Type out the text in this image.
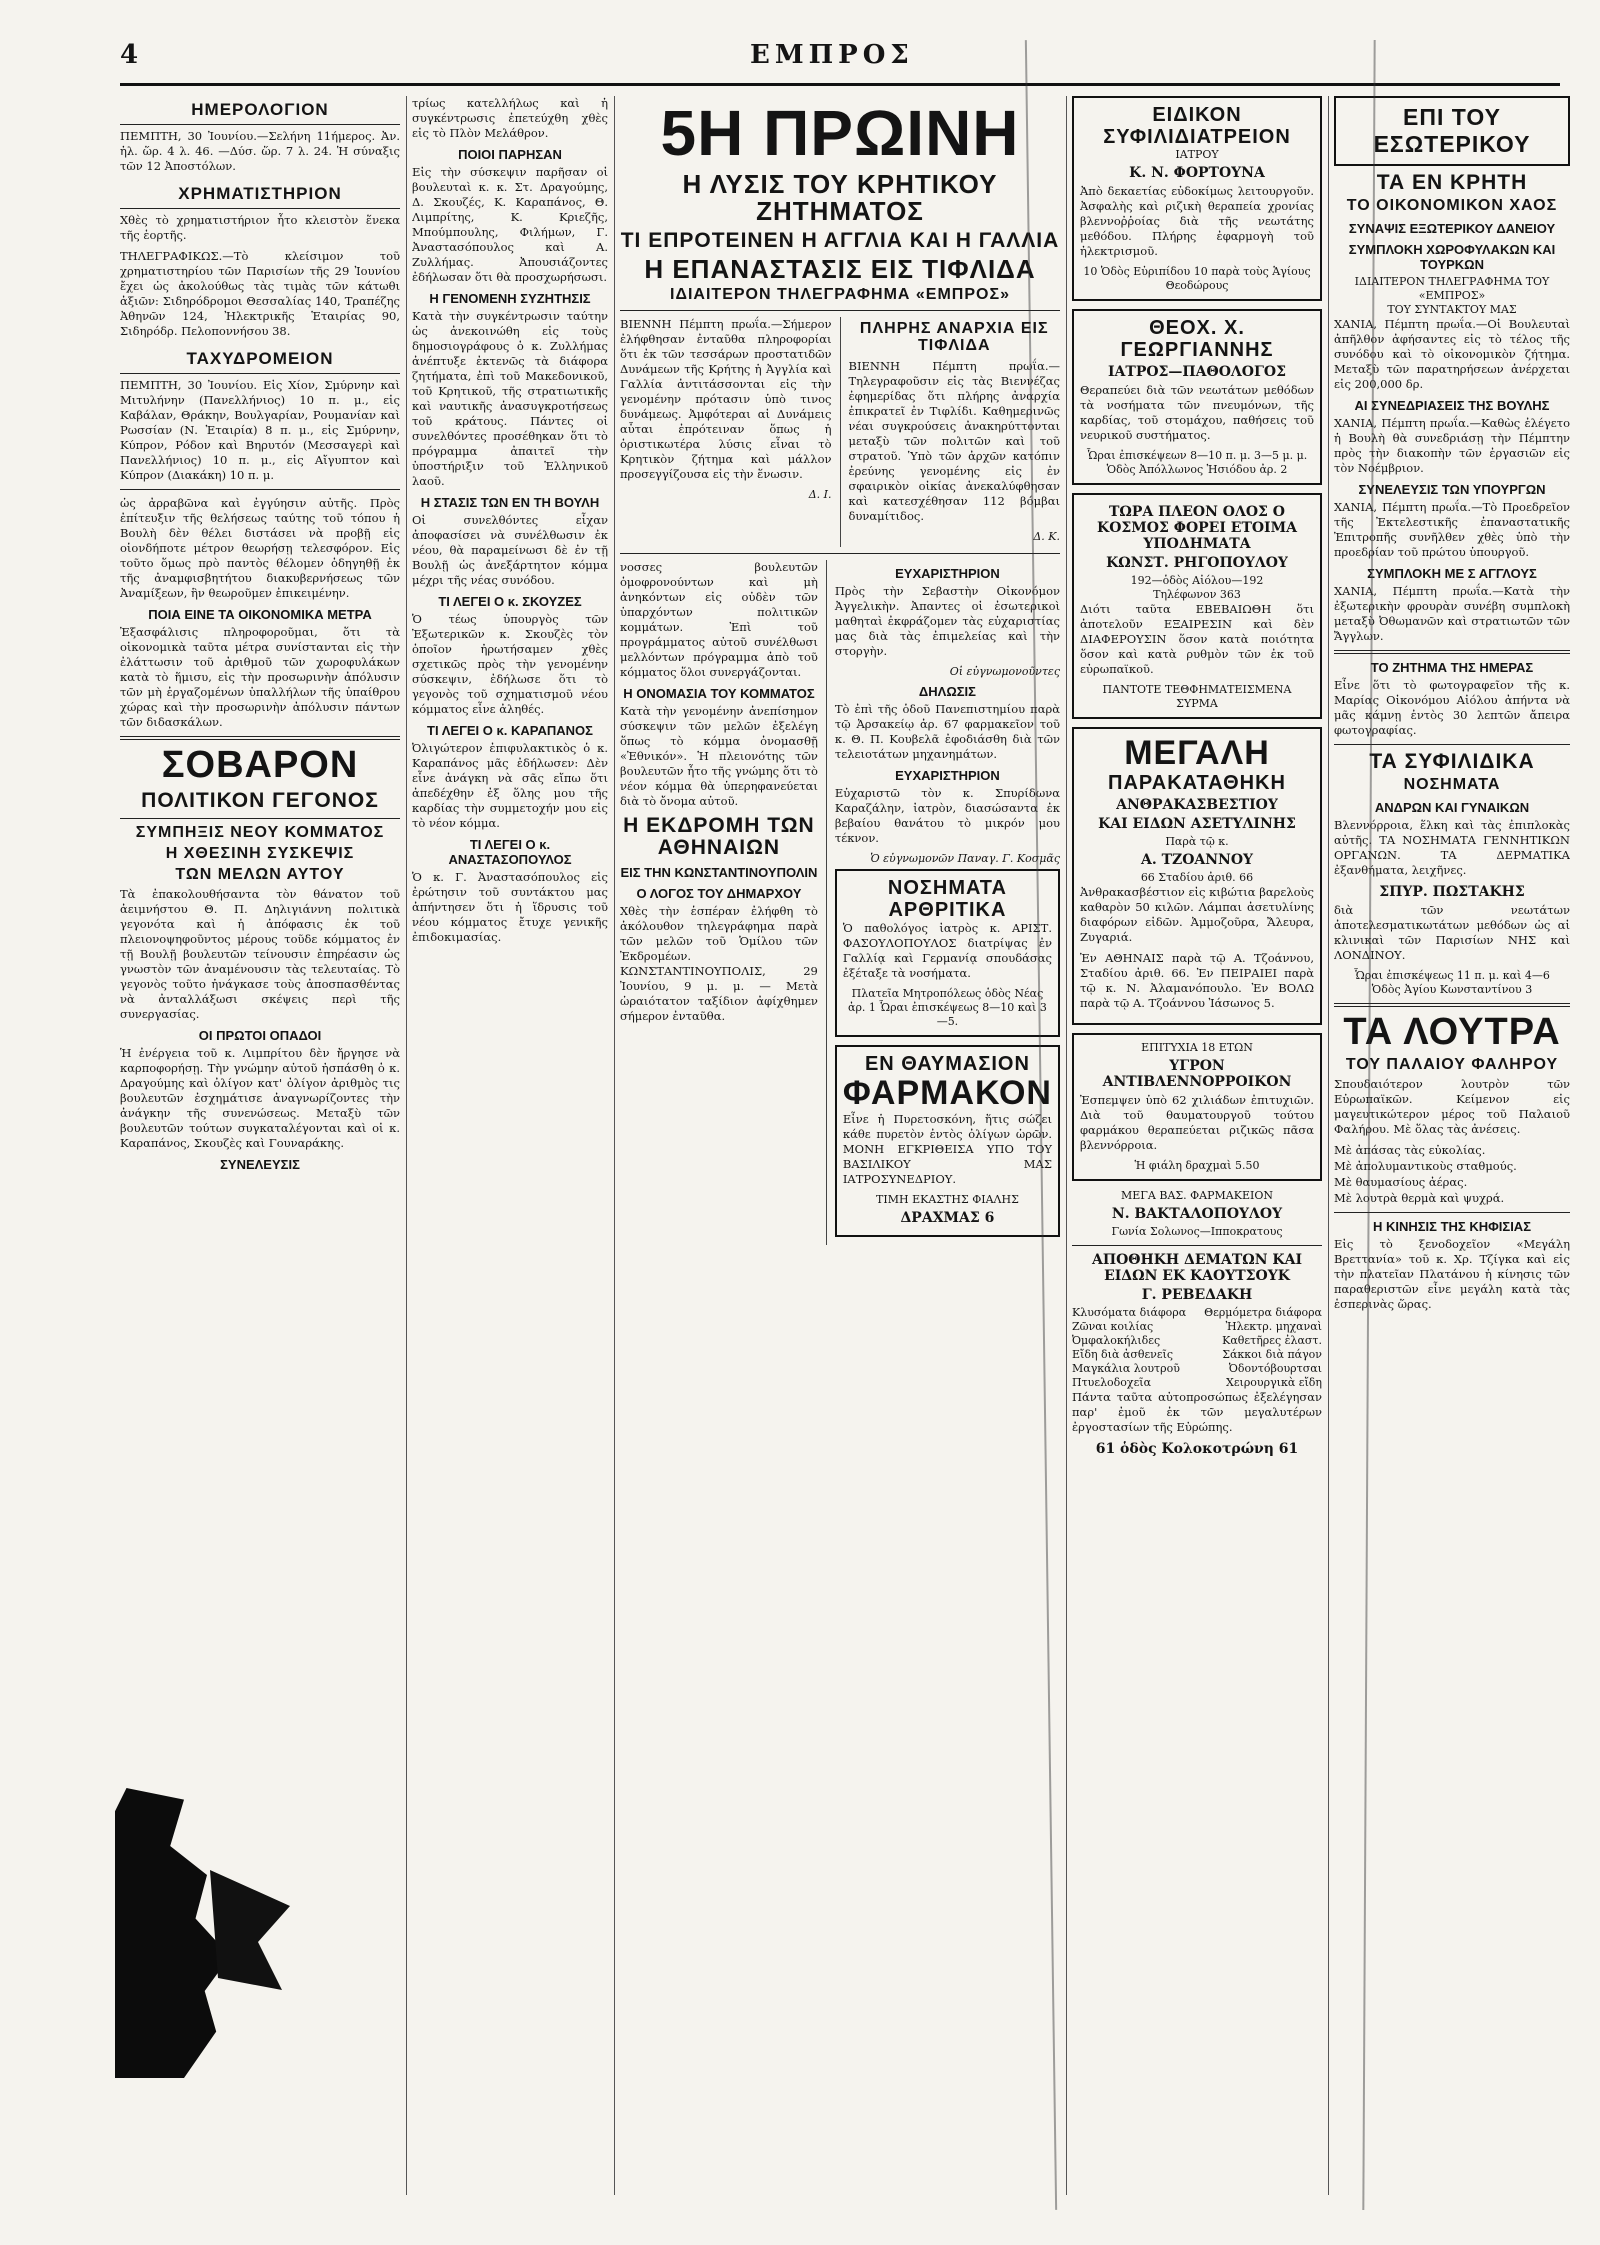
4	ΕΜΠΡΟΣ
ΗΜΕΡΟΛΟΓΙΟΝ

ΠΕΜΠΤΗ, 30 Ἰουνίου.—Σελήνη 11ήμερος. Ἀν. ἡλ. ὥρ. 4 λ. 46. —Δύσ. ὥρ. 7 λ. 24. Ἡ σύναξις τῶν 12 Ἀποστόλων.

ΧΡΗΜΑΤΙΣΤΗΡΙΟΝ

Χθὲς τὸ χρηματιστήριον ἦτο κλειστὸν ἕνεκα τῆς ἑορτῆς.

ΤΗΛΕΓΡΑΦΙΚΩΣ.—Τὸ κλείσιμον τοῦ χρηματιστηρίου τῶν Παρισίων τῆς 29 Ἰουνίου ἔχει ὡς ἀκολούθως τὰς τιμὰς τῶν κάτωθι ἀξιῶν: Σιδηρόδρομοι Θεσσαλίας 140, Τραπέζης Ἀθηνῶν 124, Ἠλεκτρικῆς Ἑταιρίας 90, Σιδηρόδρ. Πελοποννήσου 38.

ΤΑΧΥΔΡΟΜΕΙΟΝ

ΠΕΜΠΤΗ, 30 Ἰουνίου. Εἰς Χίον, Σμύρνην καὶ Μιτυλήνην (Πανελλήνιος) 10 π. μ., εἰς Καβάλαν, Θράκην, Βουλγαρίαν, Ρουμανίαν καὶ Ρωσσίαν (Ν. Ἑταιρία) 8 π. μ., εἰς Σμύρνην, Κύπρον, Ρόδον καὶ Βηρυτόν (Μεσσαγερὶ καὶ Πανελλήνιος) 10 π. μ., εἰς Αἴγυπτον καὶ Κύπρον (Διακάκη) 10 π. μ.

ὡς ἀρραβῶνα καὶ ἐγγύησιν αὐτῆς. Πρὸς ἐπίτευξιν τῆς θελήσεως ταύτης τοῦ τόπου ἡ Βουλὴ δὲν θέλει διστάσει νὰ προβῇ εἰς οἱονδήποτε μέτρον θεωρήσῃ τελεσφόρον. Εἰς τοῦτο ὅμως πρὸ παντὸς θέλομεν ὁδηγηθῇ ἐκ τῆς ἀναμφισβητήτου διακυβερνήσεως τῶν Ἀναμίξεων, ἣν θεωροῦμεν ἐπικειμένην.

ΠΟΙΑ ΕΙΝΕ ΤΑ ΟΙΚΟΝΟΜΙΚΑ ΜΕΤΡΑ

Ἐξασφάλισις πληροφοροῦμαι, ὅτι τὰ οἰκονομικὰ ταῦτα μέτρα συνίστανται εἰς τὴν ἐλάττωσιν τοῦ ἀριθμοῦ τῶν χωροφυλάκων κατὰ τὸ ἥμισυ, εἰς τὴν προσωρινὴν ἀπόλυσιν τῶν μὴ ἐργαζομένων ὑπαλλήλων τῆς ὑπαίθρου χώρας καὶ τὴν προσωρινὴν ἀπόλυσιν πάντων τῶν διδασκάλων.

ΣΟΒΑΡΟΝ
ΠΟΛΙΤΙΚΟΝ ΓΕΓΟΝΟΣ
ΣΥΜΠΗΞΙΣ ΝΕΟΥ ΚΟΜΜΑΤΟΣ
Η ΧΘΕΣΙΝΗ ΣΥΣΚΕΨΙΣ
ΤΩΝ ΜΕΛΩΝ ΑΥΤΟΥ

Τὰ ἐπακολουθήσαντα τὸν θάνατον τοῦ ἀειμνήστου Θ. Π. Δηλιγιάννη πολιτικὰ γεγονότα καὶ ἡ ἀπόφασις ἐκ τοῦ πλειονοψηφοῦντος μέρους τοῦδε κόμματος ἐν τῇ Βουλῇ βουλευτῶν τείνουσιν ἐπηρέασιν ὡς γνωστὸν τῶν ἀναμένουσιν τὰς τελευταίας. Τὸ γεγονὸς τοῦτο ἠνάγκασε τοὺς ἀποσπασθέντας νὰ ἀνταλλάξωσι σκέψεις περὶ τῆς συνεργασίας.

ΟΙ ΠΡΩΤΟΙ ΟΠΑΔΟΙ

Ἡ ἐνέργεια τοῦ κ. Λιμπρίτου δὲν ἤργησε νὰ καρποφορήσῃ. Τὴν γνώμην αὐτοῦ ἠσπάσθη ὁ κ. Δραγούμης καὶ ὀλίγον κατ' ὀλίγον ἀριθμὸς τις βουλευτῶν ἐσχημάτισε ἀναγνωρίζοντες τὴν ἀνάγκην τῆς συνενώσεως. Μεταξὺ τῶν βουλευτῶν τούτων συγκαταλέγονται καὶ οἱ κ. Καραπάνος, Σκουζὲς καὶ Γουναράκης.

ΣΥΝΕΛΕΥΣΙΣ

τρίως κατελλήλως καὶ ἡ συγκέντρωσις ἐπετεύχθη χθὲς εἰς τὸ Πλὸν Μελάθρον.

ΠΟΙΟΙ ΠΑΡΗΣΑΝ

Εἰς τὴν σύσκεψιν παρῆσαν οἱ βουλευταὶ κ. κ. Στ. Δραγούμης, Δ. Σκουζές, Κ. Καραπάνος, Θ. Λιμπρίτης, Κ. Κριεζῆς, Μπούμπουλης, Φιλήμων, Γ. Ἀναστασόπουλος καὶ Α. Ζυλλήμας. Ἀπουσιάζοντες ἐδήλωσαν ὅτι θὰ προσχωρήσωσι.

Η ΓΕΝΟΜΕΝΗ ΣΥΖΗΤΗΣΙΣ

Κατὰ τὴν συγκέντρωσιν ταύτην ὡς ἀνεκοινώθη εἰς τοὺς δημοσιογράφους ὁ κ. Ζυλλήμας ἀνέπτυξε ἐκτενῶς τὰ διάφορα ζητήματα, ἐπὶ τοῦ Μακεδονικοῦ, τοῦ Κρητικοῦ, τῆς στρατιωτικῆς καὶ ναυτικῆς ἀνασυγκροτήσεως τοῦ κράτους. Πάντες οἱ συνελθόντες προσέθηκαν ὅτι τὸ πρόγραμμα ἀπαιτεῖ τὴν ὑποστήριξιν τοῦ Ἑλληνικοῦ λαοῦ.

Η ΣΤΑΣΙΣ ΤΩΝ ΕΝ ΤΗ ΒΟΥΛΗ

Οἱ συνελθόντες εἶχαν ἀποφασίσει νὰ συνέλθωσιν ἐκ νέου, θὰ παραμείνωσι δὲ ἐν τῇ Βουλῇ ὡς ἀνεξάρτητον κόμμα μέχρι τῆς νέας συνόδου.

ΤΙ ΛΕΓΕΙ Ο κ. ΣΚΟΥΖΕΣ

Ὁ τέως ὑπουργὸς τῶν Ἐξωτερικῶν κ. Σκουζὲς τὸν ὁποῖον ἠρωτήσαμεν χθὲς σχετικῶς πρὸς τὴν γενομένην σύσκεψιν, ἐδήλωσε ὅτι τὸ γεγονὸς τοῦ σχηματισμοῦ νέου κόμματος εἶνε ἀληθές.

ΤΙ ΛΕΓΕΙ Ο κ. ΚΑΡΑΠΑΝΟΣ

Ὀλιγώτερον ἐπιφυλακτικὸς ὁ κ. Καραπάνος μᾶς ἐδήλωσεν: Δὲν εἶνε ἀνάγκη νὰ σᾶς εἴπω ὅτι ἀπεδέχθην ἐξ ὅλης μου τῆς καρδίας τὴν συμμετοχήν μου εἰς τὸ νέον κόμμα.

ΤΙ ΛΕΓΕΙ Ο κ. ΑΝΑΣΤΑΣΟΠΟΥΛΟΣ

Ὁ κ. Γ. Ἀναστασόπουλος εἰς ἐρώτησιν τοῦ συντάκτου μας ἀπήντησεν ὅτι ἡ ἵδρυσις τοῦ νέου κόμματος ἔτυχε γενικῆς ἐπιδοκιμασίας.

5Η ΠΡΩΙΝΗ
Η ΛΥΣΙΣ ΤΟΥ ΚΡΗΤΙΚΟΥ ΖΗΤΗΜΑΤΟΣ
ΤΙ ΕΠΡΟΤΕΙΝΕΝ Η ΑΓΓΛΙΑ ΚΑΙ Η ΓΑΛΛΙΑ
Η ΕΠΑΝΑΣΤΑΣΙΣ ΕΙΣ ΤΙΦΛΙΔΑ
ΙΔΙΑΙΤΕΡΟΝ ΤΗΛΕΓΡΑΦΗΜΑ «ΕΜΠΡΟΣ»

ΒΙΕΝΝΗ Πέμπτη πρωΐα.—Σήμερον ἐλήφθησαν ἐνταῦθα πληροφορίαι ὅτι ἐκ τῶν τεσσάρων προστατιδῶν Δυνάμεων τῆς Κρήτης ἡ Ἀγγλία καὶ Γαλλία ἀντιτάσσονται εἰς τὴν γενομένην πρότασιν ὑπὸ τινος δυνάμεως. Ἀμφότεραι αἱ Δυνάμεις αὗται ἐπρότειναν ὅπως ἡ ὁριστικωτέρα λύσις εἶναι τὸ Κρητικὸν ζήτημα καὶ μάλλον προσεγγίζουσα εἰς τὴν ἕνωσιν.

Δ. Ι.

ΠΛΗΡΗΣ ΑΝΑΡΧΙΑ ΕΙΣ ΤΙΦΛΙΔΑ

ΒΙΕΝΝΗ Πέμπτη πρωΐα.—Τηλεγραφοῦσιν εἰς τὰς Βιεννέζας ἐφημερίδας ὅτι πλήρης ἀναρχία ἐπικρατεῖ ἐν Τιφλίδι. Καθημερινῶς νέαι συγκρούσεις ἀνακηρύττονται μεταξὺ τῶν πολιτῶν καὶ τοῦ στρατοῦ. Ὑπὸ τῶν ἀρχῶν κατόπιν ἐρεύνης γενομένης εἰς ἐν σφαιρικὸν οἰκίας ἀνεκαλύφθησαν καὶ κατεσχέθησαν 112 βόμβαι δυναμίτιδος.

Δ. Κ.

νοσσες βουλευτῶν ὁμοφρονούντων καὶ μὴ ἀνηκόντων εἰς οὐδὲν τῶν ὑπαρχόντων πολιτικῶν κομμάτων. Ἐπὶ τοῦ προγράμματος αὐτοῦ συνέλθωσι μελλόντων πρόγραμμα ἀπὸ τοῦ κόμματος ὅλοι συνεργάζονται.

Η ΟΝΟΜΑΣΙΑ ΤΟΥ ΚΟΜΜΑΤΟΣ

Κατὰ τὴν γενομένην ἀνεπίσημον σύσκεψιν τῶν μελῶν ἐξελέγη ὅπως τὸ κόμμα ὀνομασθῇ «Ἐθνικόν». Ἡ πλειονότης τῶν βουλευτῶν ἦτο τῆς γνώμης ὅτι τὸ νέον κόμμα θὰ ὑπερηφανεύεται διὰ τὸ ὄνομα αὐτοῦ.

Η ΕΚΔΡΟΜΗ ΤΩΝ ΑΘΗΝΑΙΩΝ
ΕΙΣ ΤΗΝ ΚΩΝΣΤΑΝΤΙΝΟΥΠΟΛΙΝ
Ο ΛΟΓΟΣ ΤΟΥ ΔΗΜΑΡΧΟΥ

Χθὲς τὴν ἑσπέραν ἐλήφθη τὸ ἀκόλουθον τηλεγράφημα παρὰ τῶν μελῶν τοῦ Ὁμίλου τῶν Ἐκδρομέων. ΚΩΝΣΤΑΝΤΙΝΟΥΠΟΛΙΣ, 29 Ἰουνίου, 9 μ. μ. — Μετὰ ὡραιότατον ταξίδιον ἀφίχθημεν σήμερον ἐνταῦθα.

ΕΥΧΑΡΙΣΤΗΡΙΟΝ

Πρὸς τὴν Σεβαστὴν Οἰκονόμον Ἀγγελικὴν. Ἀπαντες οἱ ἐσωτερικοὶ μαθηταὶ ἐκφράζομεν τὰς εὐχαριστίας μας διὰ τὰς ἐπιμελείας καὶ τὴν στοργὴν.

Οἱ εὐγνωμονοῦντες

ΔΗΛΩΣΙΣ

Τὸ ἐπὶ τῆς ὁδοῦ Πανεπιστημίου παρὰ τῷ Ἀρσακείῳ ἀρ. 67 φαρμακεῖον τοῦ κ. Θ. Π. Κουβελᾶ ἐφοδιάσθη διὰ τῶν τελειοτάτων μηχανημάτων.

ΕΥΧΑΡΙΣΤΗΡΙΟΝ

Εὐχαριστῶ τὸν κ. Σπυρίδωνα Καραζάλην, ἰατρὸν, διασώσαντα ἐκ βεβαίου θανάτου τὸ μικρόν μου τέκνον.

Ὁ εὐγνωμονῶν Παναγ. Γ. Κοσμᾶς

ΝΟΣΗΜΑΤΑ ΑΡΘΡΙΤΙΚΑ

Ὁ παθολόγος ἰατρὸς κ. ΑΡΙΣΤ. ΦΑΣΟΥΛΟΠΟΥΛΟΣ διατρίψας ἐν Γαλλίᾳ καὶ Γερμανίᾳ σπουδάσας ἐξέταξε τὰ νοσήματα.

Πλατεῖα Μητροπόλεως ὁδὸς Νέας ἀρ. 1 Ὧραι ἐπισκέψεως 8—10 καὶ 3—5.
ΕΝ ΘΑΥΜΑΣΙΟΝ
ΦΑΡΜΑΚΟΝ

Εἶνε ἡ Πυρετοσκόνη, ἥτις σώζει κάθε πυρετὸν ἐντὸς ὀλίγων ὡρῶν. ΜΟΝΗ ΕΓΚΡΙΘΕΙΣΑ ΥΠΟ ΤΟΥ ΒΑΣΙΛΙΚΟΥ ΜΑΣ ΙΑΤΡΟΣΥΝΕΔΡΙΟΥ.

ΤΙΜΗ ΕΚΑΣΤΗΣ ΦΙΑΛΗΣ
ΔΡΑΧΜΑΣ 6
ΕΙΔΙΚΟΝ ΣΥΦΙΛΙΔΙΑΤΡΕΙΟΝ
ΙΑΤΡΟΥ
Κ. Ν. ΦΟΡΤΟΥΝΑ

Ἀπὸ δεκαετίας εὐδοκίμως λειτουργοῦν. Ἀσφαλὴς καὶ ριζικὴ θεραπεία χρονίας βλεννοῤῥοίας διὰ τῆς νεωτάτης μεθόδου. Πλήρης ἐφαρμογὴ τοῦ ἠλεκτρισμοῦ.

10 Ὁδὸς Εὐριπίδου 10 παρὰ τοὺς Ἁγίους Θεοδώρους
ΘΕΟΧ. Χ. ΓΕΩΡΓΙΑΝΝΗΣ
ΙΑΤΡΟΣ—ΠΑΘΟΛΟΓΟΣ

Θεραπεύει διὰ τῶν νεωτάτων μεθόδων τὰ νοσήματα τῶν πνευμόνων, τῆς καρδίας, τοῦ στομάχου, παθήσεις τοῦ νευρικοῦ συστήματος.

Ὧραι ἐπισκέψεων 8—10 π. μ. 3—5 μ. μ.
Ὁδὸς Ἀπόλλωνος Ἡσιόδου ἀρ. 2
ΤΩΡΑ ΠΛΕΟΝ ΟΛΟΣ Ο ΚΟΣΜΟΣ ΦΟΡΕΙ ΕΤΟΙΜΑ ΥΠΟΔΗΜΑΤΑ
ΚΩΝΣΤ. ΡΗΓΟΠΟΥΛΟΥ
192—ὁδὸς Αἰόλου—192
Τηλέφωνον 363

Διότι ταῦτα ΕΒΕΒΑΙΩΘΗ ὅτι ἀποτελοῦν ΕΞΑΙΡΕΣΙΝ καὶ δὲν ΔΙΑΦΕΡΟΥΣΙΝ ὅσον κατὰ ποιότητα ὅσον καὶ κατὰ ρυθμὸν τῶν ἐκ τοῦ εὐρωπαϊκοῦ.

ΠΑΝΤΟΤΕ ΤΕΘΦΗΜΑΤΕΙΣΜΕΝΑ ΣΥΡΜΑ
ΜΕΓΑΛΗ
ΠΑΡΑΚΑΤΑΘΗΚΗ
ΑΝΘΡΑΚΑΣΒΕΣΤΙΟΥ
ΚΑΙ ΕΙΔΩΝ ΑΣΕΤΥΛΙΝΗΣ
Παρὰ τῷ κ.
Α. ΤΖΟΑΝΝΟΥ
66 Σταδίου ἀριθ. 66

Ἀνθρακασβέστιον εἰς κιβώτια βαρελοὺς καθαρὸν 50 κιλῶν. Λάμπαι ἀσετυλίνης διαφόρων εἰδῶν. Ἀμμοζοῦρα, Ἄλευρα, Ζυγαριά.

Ἐν ΑΘΗΝΑΙΣ παρὰ τῷ Α. Τζοάννου, Σταδίου ἀριθ. 66. Ἐν ΠΕΙΡΑΙΕΙ παρὰ τῷ κ. Ν. Ἀλαμανόπουλο. Ἐν ΒΟΛΩ παρὰ τῷ Α. Τζοάννου Ἰάσωνος 5.

ΕΠΙΤΥΧΙΑ 18 ΕΤΩΝ
ΥΓΡΟΝ ΑΝΤΙΒΛΕΝΝΟΡΡΟΙΚΟΝ

Ἐσπεμψεν ὑπὸ 62 χιλιάδων ἐπιτυχιῶν. Διὰ τοῦ θαυματουργοῦ τούτου φαρμάκου θεραπεύεται ριζικῶς πᾶσα βλεννόρροια.

Ἡ φιάλη δραχμαὶ 5.50
ΜΕΓΑ ΒΑΣ. ΦΑΡΜΑΚΕΙΟΝ
Ν. ΒΑΚΤΑΛΟΠΟΥΛΟΥ
Γωνία Σολωνος—Ιπποκρατους
ΑΠΟΘΗΚΗ ΔΕΜΑΤΩΝ ΚΑΙ ΕΙΔΩΝ ΕΚ ΚΑΟΥΤΣΟΥΚ
Γ. ΡΕΒΕΔΑΚΗ
Κλυσόματα διάφορα Θερμόμετρα διάφορα
Ζῶναι κοιλίας	Ἠλεκτρ. μηχαναὶ
Ὀμφαλοκήλιδες	Καθετῆρες ἐλαστ.
Εἴδη διὰ ἀσθενεῖς	Σάκκοι διὰ πάγον
Μαγκάλια λουτροῦ	Ὀδοντόβουρτσαι
Πτυελοδοχεῖα	Χειρουργικὰ εἴδη

Πάντα ταῦτα αὐτοπροσώπως ἐξελέγησαν παρ' ἐμοῦ ἐκ τῶν μεγαλυτέρων ἐργοστασίων τῆς Εὐρώπης.

61 ὁδὸς Κολοκοτρώνη 61
ΕΠΙ ΤΟΥ ΕΣΩΤΕΡΙΚΟΥ
ΤΑ ΕΝ ΚΡΗΤΗ
ΤΟ ΟΙΚΟΝΟΜΙΚΟΝ ΧΑΟΣ
ΣΥΝΑΨΙΣ ΕΞΩΤΕΡΙΚΟΥ ΔΑΝΕΙΟΥ
ΣΥΜΠΛΟΚΗ ΧΩΡΟΦΥΛΑΚΩΝ ΚΑΙ ΤΟΥΡΚΩΝ
ΙΔΙΑΙΤΕΡΟΝ ΤΗΛΕΓΡΑΦΗΜΑ ΤΟΥ «ΕΜΠΡΟΣ»
ΤΟΥ ΣΥΝΤΑΚΤΟΥ ΜΑΣ

ΧΑΝΙΑ, Πέμπτη πρωΐα.—Οἱ Βουλευταὶ ἀπῆλθον ἀφήσαντες εἰς τὸ τέλος τῆς συνόδου καὶ τὸ οἰκονομικὸν ζήτημα. Μεταξὺ τῶν παρατηρήσεων ἀνέρχεται εἰς 200,000 δρ.

ΑΙ ΣΥΝΕΔΡΙΑΣΕΙΣ ΤΗΣ ΒΟΥΛΗΣ

ΧΑΝΙΑ, Πέμπτη πρωΐα.—Καθὼς ἐλέγετο ἡ Βουλὴ θὰ συνεδριάσῃ τὴν Πέμπτην πρὸς τὴν διακοπὴν τῶν ἐργασιῶν εἰς τὸν Νοέμβριον.

ΣΥΝΕΛΕΥΣΙΣ ΤΩΝ ΥΠΟΥΡΓΩΝ

ΧΑΝΙΑ, Πέμπτη πρωΐα.—Τὸ Προεδρεῖον τῆς Ἐκτελεστικῆς ἐπαναστατικῆς Ἐπιτροπῆς συνῆλθεν χθὲς ὑπὸ τὴν προεδρίαν τοῦ πρώτου ὑπουργοῦ.

ΣΥΜΠΛΟΚΗ ΜΕ Σ ΑΓΓΛΟΥΣ

ΧΑΝΙΑ, Πέμπτη πρωΐα.—Κατὰ τὴν ἐξωτερικὴν φρουρὰν συνέβη συμπλοκὴ μεταξὺ Ὀθωμανῶν καὶ στρατιωτῶν τῶν Ἄγγλων.

ΤΟ ΖΗΤΗΜΑ ΤΗΣ ΗΜΕΡΑΣ

Εἶνε ὅτι τὸ φωτογραφεῖον τῆς κ. Μαρίας Οἰκονόμου Αἰόλου ἀπήντα νὰ μᾶς κάμνῃ ἐντὸς 30 λεπτῶν ἄπειρα φωτογραφίας.

ΤΑ ΣΥΦΙΛΙΔΙΚΑ
ΝΟΣΗΜΑΤΑ
ΑΝΔΡΩΝ ΚΑΙ ΓΥΝΑΙΚΩΝ

Βλεννόρροια, ἕλκη καὶ τὰς ἐπιπλοκὰς αὐτῆς. ΤΑ ΝΟΣΗΜΑΤΑ ΓΕΝΝΗΤΙΚΩΝ ΟΡΓΑΝΩΝ. ΤΑ ΔΕΡΜΑΤΙΚΑ ἐξανθήματα, λειχῆνες.

ΣΠΥΡ. ΠΩΣΤΑΚΗΣ

διὰ τῶν νεωτάτων ἀποτελεσματικωτάτων μεθόδων ὡς αἱ κλινικαὶ τῶν Παρισίων ΝΗΣ καὶ ΛΟΝΔΙΝΟΥ.

Ὧραι ἐπισκέψεως 11 π. μ. καὶ 4—6
Ὁδὸς Ἀγίου Κωνσταντίνου 3
ΤΑ ΛΟΥΤΡΑ
ΤΟΥ ΠΑΛΑΙΟΥ ΦΑΛΗΡΟΥ

Σπουδαιότερον λουτρὸν τῶν Εὐρωπαϊκῶν. Κείμενον εἰς μαγευτικώτερον μέρος τοῦ Παλαιοῦ Φαλήρου. Μὲ ὅλας τὰς ἀνέσεις.

Μὲ ἀπάσας τὰς εὐκολίας.
Μὲ ἀπολυμαντικοὺς σταθμούς.
Μὲ θαυμασίους ἀέρας.
Μὲ λουτρὰ θερμὰ καὶ ψυχρά.
Η ΚΙΝΗΣΙΣ ΤΗΣ ΚΗΦΙΣΙΑΣ

Εἰς τὸ ξενοδοχεῖον «Μεγάλη Βρεττανία» τοῦ κ. Χρ. Τζίγκα καὶ εἰς τὴν πλατεῖαν Πλατάνου ἡ κίνησις τῶν παραθεριστῶν εἶνε μεγάλη κατὰ τὰς ἑσπερινὰς ὥρας.
